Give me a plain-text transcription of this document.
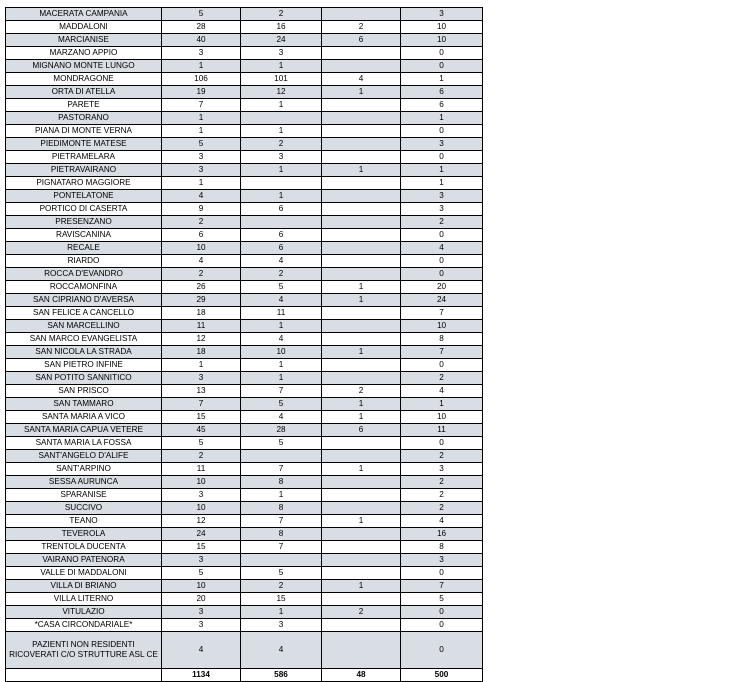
MACERATA CAMPANIA	5	2		3
MADDALONI	28	16	2	10
MARCIANISE	40	24	6	10
MARZANO APPIO	3	3		0
MIGNANO MONTE LUNGO	1	1		0
MONDRAGONE	106	101	4	1
ORTA DI ATELLA	19	12	1	6
PARETE	7	1		6
PASTORANO	1			1
PIANA DI MONTE VERNA	1	1		0
PIEDIMONTE MATESE	5	2		3
PIETRAMELARA	3	3		0
PIETRAVAIRANO	3	1	1	1
PIGNATARO MAGGIORE	1			1
PONTELATONE	4	1		3
PORTICO DI CASERTA	9	6		3
PRESENZANO	2			2
RAVISCANINA	6	6		0
RECALE	10	6		4
RIARDO	4	4		0
ROCCA D'EVANDRO	2	2		0
ROCCAMONFINA	26	5	1	20
SAN CIPRIANO D'AVERSA	29	4	1	24
SAN FELICE A CANCELLO	18	11		7
SAN MARCELLINO	11	1		10
SAN MARCO EVANGELISTA	12	4		8
SAN NICOLA LA STRADA	18	10	1	7
SAN PIETRO INFINE	1	1		0
SAN POTITO SANNITICO	3	1		2
SAN PRISCO	13	7	2	4
SAN TAMMARO	7	5	1	1
SANTA MARIA A VICO	15	4	1	10
SANTA MARIA CAPUA VETERE	45	28	6	11
SANTA MARIA LA FOSSA	5	5		0
SANT'ANGELO D'ALIFE	2			2
SANT'ARPINO	11	7	1	3
SESSA AURUNCA	10	8		2
SPARANISE	3	1		2
SUCCIVO	10	8		2
TEANO	12	7	1	4
TEVEROLA	24	8		16
TRENTOLA DUCENTA	15	7		8
VAIRANO PATENORA	3			3
VALLE DI MADDALONI	5	5		0
VILLA DI BRIANO	10	2	1	7
VILLA LITERNO	20	15		5
VITULAZIO	3	1	2	0
*CASA CIRCONDARIALE*	3	3		0
PAZIENTI NON RESIDENTI RICOVERATI C/O STRUTTURE ASL CE	4	4		0
	1134	586	48	500
